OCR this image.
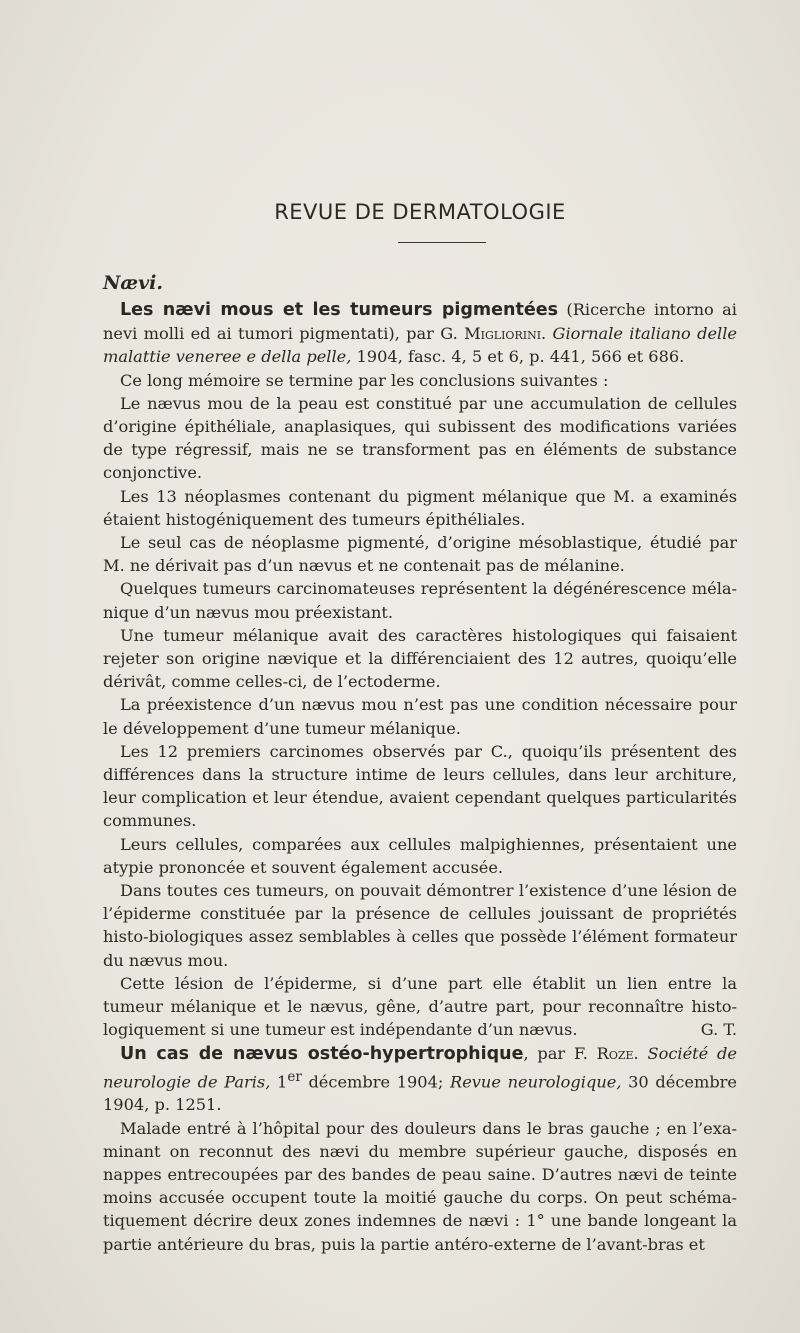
REVUE DE DERMATOLOGIE
Nævi.

Les nævi mous et les tumeurs pigmentées (Ricerche intorno ai nevi molli ed ai tumori pigmentati), par G. Migliorini. Giornale italiano delle malattie veneree e della pelle, 1904, fasc. 4, 5 et 6, p. 441, 566 et 686.

Ce long mémoire se termine par les conclusions suivantes :

Le nævus mou de la peau est constitué par une accumulation de cellules d’origine épithéliale, anaplasiques, qui subissent des modifications variées de type régressif, mais ne se transforment pas en éléments de substance conjonctive.

Les 13 néoplasmes contenant du pigment mélanique que M. a examinés étaient histogéniquement des tumeurs épithéliales.

Le seul cas de néoplasme pigmenté, d’origine mésoblastique, étudié par M. ne dérivait pas d’un nævus et ne contenait pas de mélanine.

Quelques tumeurs carcinomateuses représentent la dégénérescence mélanique d’un nævus mou préexistant.

Une tumeur mélanique avait des caractères histologiques qui faisaient rejeter son origine nævique et la différenciaient des 12 autres, quoiqu’elle dérivât, comme celles-ci, de l’ectoderme.

La préexistence d’un nævus mou n’est pas une condition nécessaire pour le développement d’une tumeur mélanique.

Les 12 premiers carcinomes observés par C., quoiqu’ils présentent des différences dans la structure intime de leurs cellules, dans leur architure, leur complication et leur étendue, avaient cependant quelques particularités communes.

Leurs cellules, comparées aux cellules malpighiennes, présentaient une atypie prononcée et souvent également accusée.

Dans toutes ces tumeurs, on pouvait démontrer l’existence d’une lésion de l’épiderme constituée par la présence de cellules jouissant de propriétés histo-biologiques assez semblables à celles que possède l’élément formateur du nævus mou.

Cette lésion de l’épiderme, si d’une part elle établit un lien entre la tumeur mélanique et le nævus, gêne, d’autre part, pour reconnaître histologiquement si une tumeur est indépendante d’un nævus.	G. T.

Un cas de nævus ostéo-hypertrophique, par F. Roze. Société de neurologie de Paris, 1er décembre 1904; Revue neurologique, 30 décembre 1904, p. 1251.

Malade entré à l’hôpital pour des douleurs dans le bras gauche ; en l’examinant on reconnut des nævi du membre supérieur gauche, disposés en nappes entrecoupées par des bandes de peau saine. D’autres nævi de teinte moins accusée occupent toute la moitié gauche du corps. On peut schématiquement décrire deux zones indemnes de nævi : 1° une bande longeant la partie antérieure du bras, puis la partie antéro-externe de l’avant-bras et
